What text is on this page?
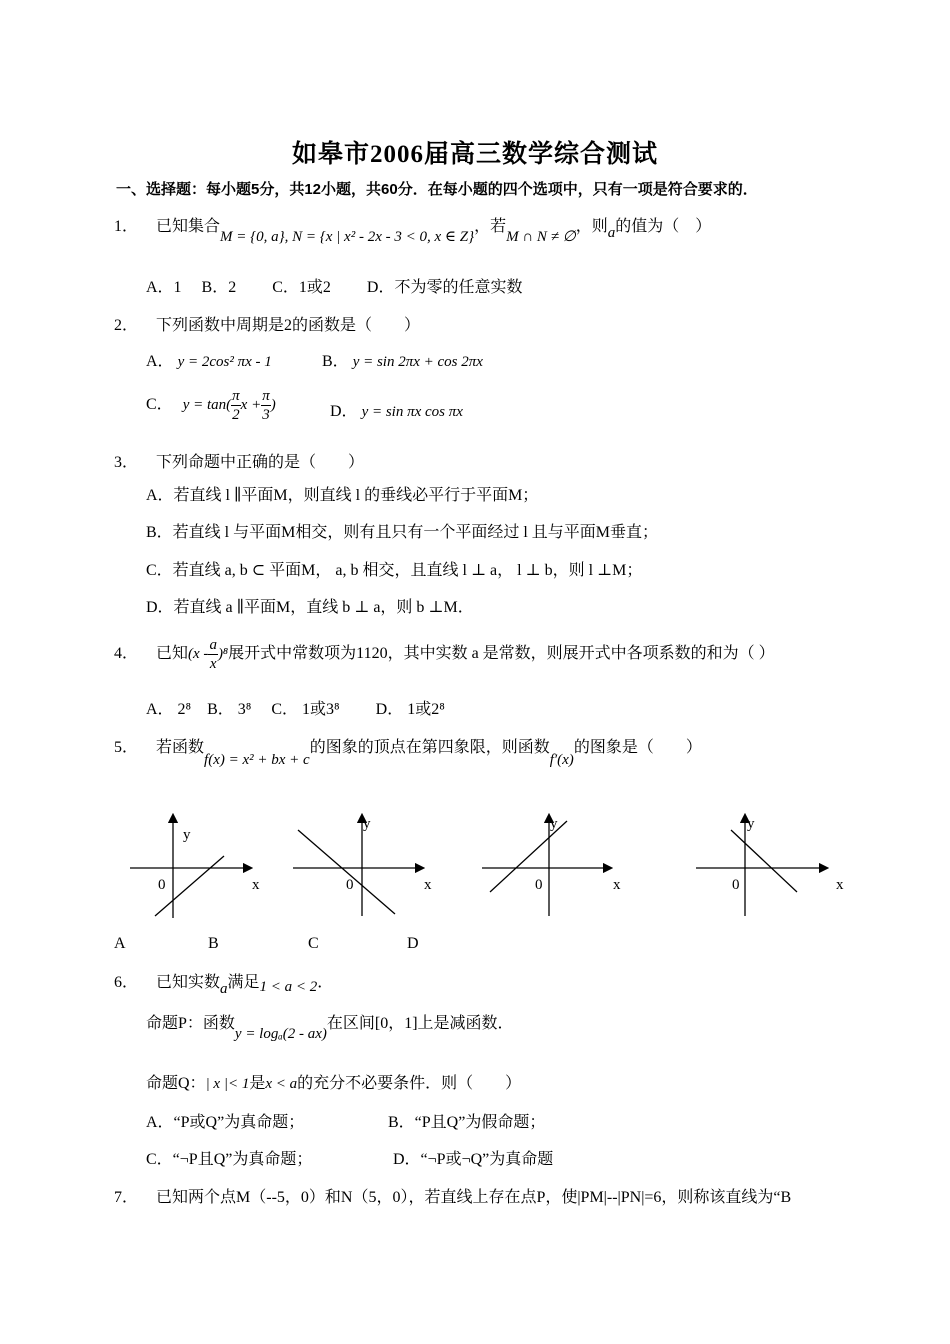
如皋市2006届高三数学综合测试
一、选择题：每小题5分，共12小题，共60分．在每小题的四个选项中，只有一项是符合要求的．
1． 已知集合M = {0, a}, N = {x | x² - 2x - 3 < 0, x ∈ Z}，若M ∩ N ≠ ∅，则a的值为（　）
A．1　 B．2　　 C．1或2　　 D．不为零的任意实数
2． 下列函数中周期是2的函数是（　　）
A． y = 2cos² πx - 1	B． y = sin 2πx + cos 2πx
C． $y = \tan( \frac{\pi}{2}$ $x + \frac{\pi}{3}$ )	D． y = sin πx cos πx
3． 下列命题中正确的是（　　）
A．若直线 l ∥平面M，则直线 l 的垂线必平行于平面M；
B．若直线 l 与平面M相交，则有且只有一个平面经过 l 且与平面M垂直；
C．若直线 a, b ⊂ 平面M， a, b 相交，且直线 l ⊥ a， l ⊥ b，则 l ⊥M；
D．若直线 a ∥平面M，直线 b ⊥ a，则 b ⊥M．
4． 已知$(x - \frac{a}{x} )^8$展开式中常数项为1120，其中实数 a 是常数，则展开式中各项系数的和为（ ）
A． 2⁸　B． 3⁸　 C． 1或3⁸　　 D． 1或2⁸
5． 若函数f(x) = x² + bx + c的图象的顶点在第四象限，则函数f′(x)的图象是（　　）
y
0	x
y
0	x
y
0	x
y
0	x
A	B	C	D
6． 已知实数a满足1 < a < 2．
命题P：函数y = logₐ(2 - ax)在区间[0，1]上是减函数．
命题Q：| x |< 1是x < a的充分不必要条件．则（　　）
A．“P或Q”为真命题；	B．“P且Q”为假命题；
C．“¬P且Q”为真命题；	D．“¬P或¬Q”为真命题
7． 已知两个点M（--5，0）和N（5，0），若直线上存在点P，使|PM|--|PN|=6，则称该直线为“B
